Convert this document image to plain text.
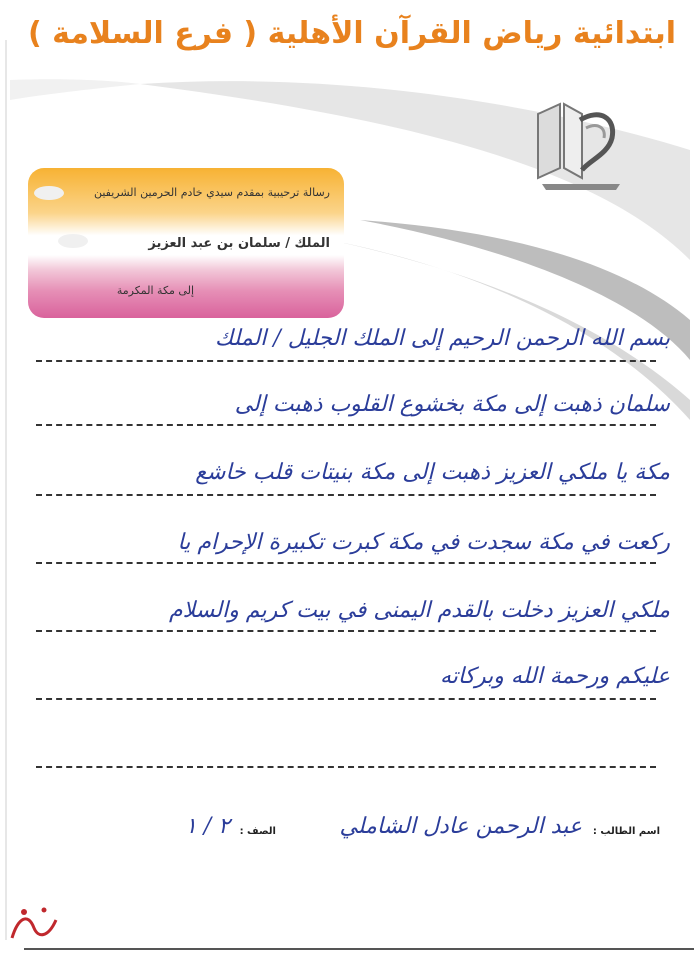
ابتدائية رياض القرآن الأهلية ( فرع السلامة )
رسالة ترحيبية بمقدم سيدي خادم الحرمين الشريفين
الملك / سلمان بن عبد العزيز
إلى مكة المكرمة
بسم الله الرحمن الرحيم إلى الملك الجليل / الملك
سلمان ذهبت إلى مكة بخشوع القلوب ذهبت إلى
مكة يا ملكي العزيز ذهبت إلى مكة بنيتات قلب خاشع
ركعت في مكة سجدت في مكة كبرت تكبيرة الإحرام يا
ملكي العزيز دخلت بالقدم اليمنى في بيت كريم والسلام
عليكم ورحمة الله وبركاته
اسم الطالب :
عبد الرحمن عادل الشاملي
الصف :
٢ / ١
